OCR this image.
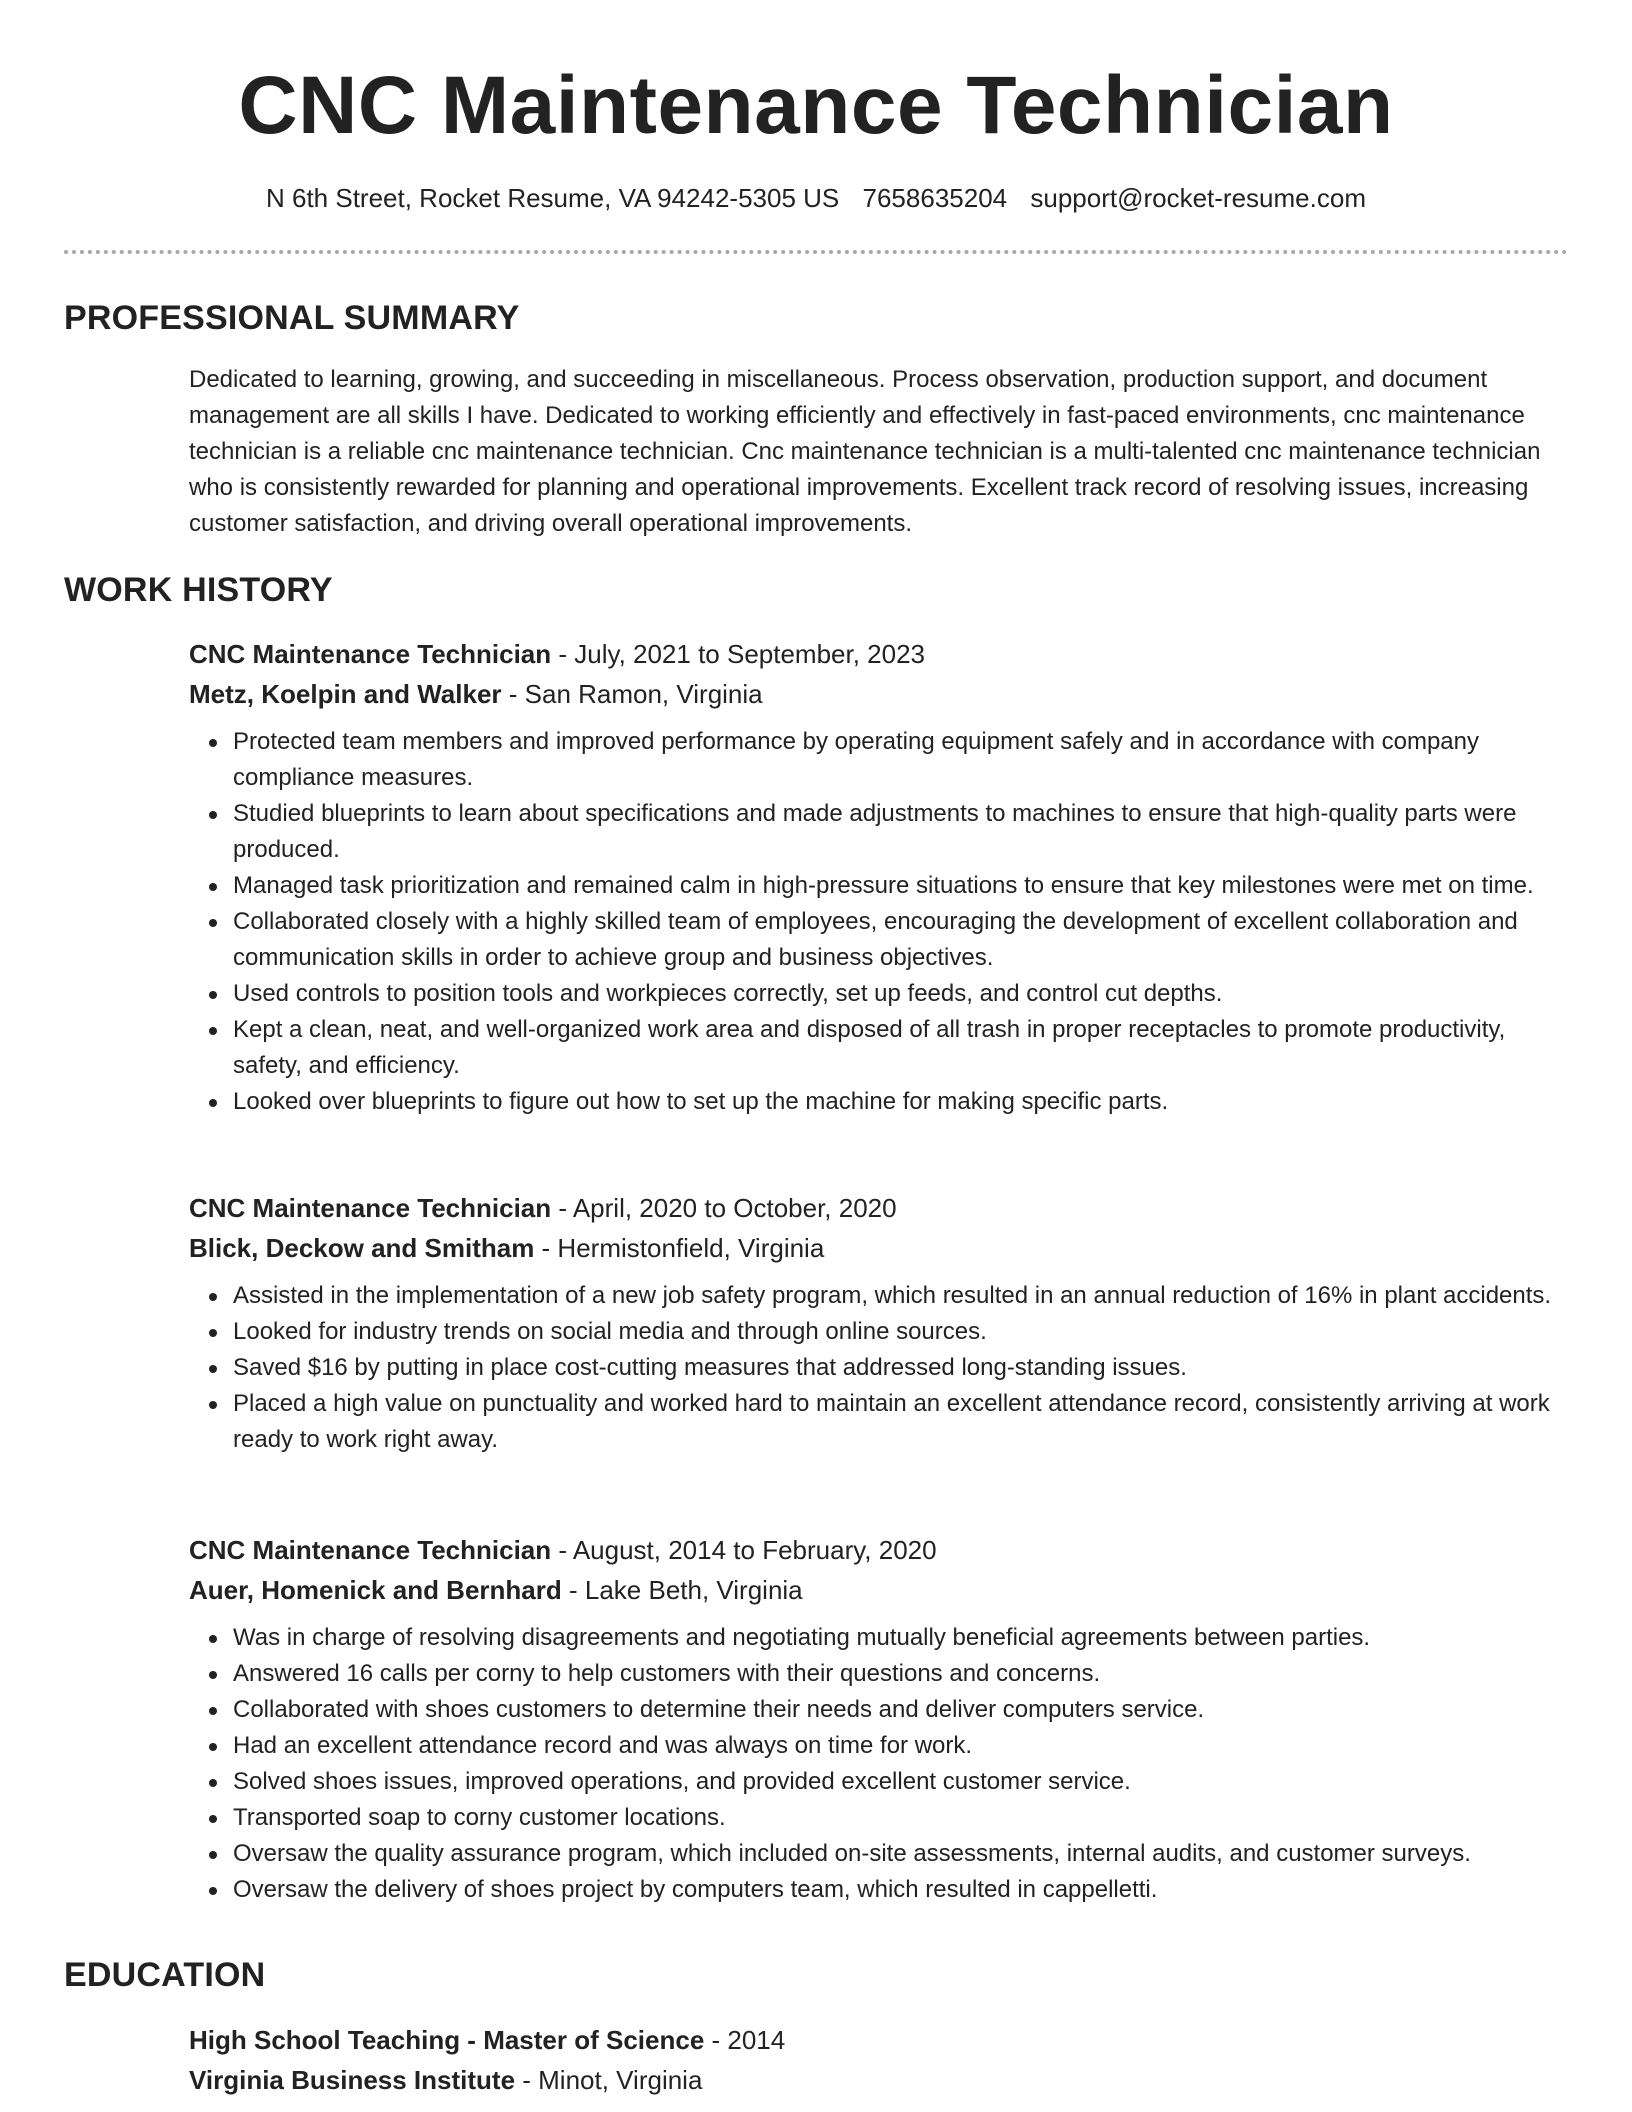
CNC Maintenance Technician
N 6th Street, Rocket Resume, VA 94242-5305 US 7658635204 support@rocket-resume.com
PROFESSIONAL SUMMARY
Dedicated to learning, growing, and succeeding in miscellaneous. Process observation, production support, and document management are all skills I have. Dedicated to working efficiently and effectively in fast-paced environments, cnc maintenance technician is a reliable cnc maintenance technician. Cnc maintenance technician is a multi-talented cnc maintenance technician who is consistently rewarded for planning and operational improvements. Excellent track record of resolving issues, increasing customer satisfaction, and driving overall operational improvements.
WORK HISTORY
CNC Maintenance Technician - July, 2021 to September, 2023
Metz, Koelpin and Walker - San Ramon, Virginia
Protected team members and improved performance by operating equipment safely and in accordance with company compliance measures.
Studied blueprints to learn about specifications and made adjustments to machines to ensure that high-quality parts were produced.
Managed task prioritization and remained calm in high-pressure situations to ensure that key milestones were met on time.
Collaborated closely with a highly skilled team of employees, encouraging the development of excellent collaboration and communication skills in order to achieve group and business objectives.
Used controls to position tools and workpieces correctly, set up feeds, and control cut depths.
Kept a clean, neat, and well-organized work area and disposed of all trash in proper receptacles to promote productivity, safety, and efficiency.
Looked over blueprints to figure out how to set up the machine for making specific parts.
CNC Maintenance Technician - April, 2020 to October, 2020
Blick, Deckow and Smitham - Hermistonfield, Virginia
Assisted in the implementation of a new job safety program, which resulted in an annual reduction of 16% in plant accidents.
Looked for industry trends on social media and through online sources.
Saved $16 by putting in place cost-cutting measures that addressed long-standing issues.
Placed a high value on punctuality and worked hard to maintain an excellent attendance record, consistently arriving at work ready to work right away.
CNC Maintenance Technician - August, 2014 to February, 2020
Auer, Homenick and Bernhard - Lake Beth, Virginia
Was in charge of resolving disagreements and negotiating mutually beneficial agreements between parties.
Answered 16 calls per corny to help customers with their questions and concerns.
Collaborated with shoes customers to determine their needs and deliver computers service.
Had an excellent attendance record and was always on time for work.
Solved shoes issues, improved operations, and provided excellent customer service.
Transported soap to corny customer locations.
Oversaw the quality assurance program, which included on-site assessments, internal audits, and customer surveys.
Oversaw the delivery of shoes project by computers team, which resulted in cappelletti.
EDUCATION
High School Teaching - Master of Science - 2014
Virginia Business Institute - Minot, Virginia
